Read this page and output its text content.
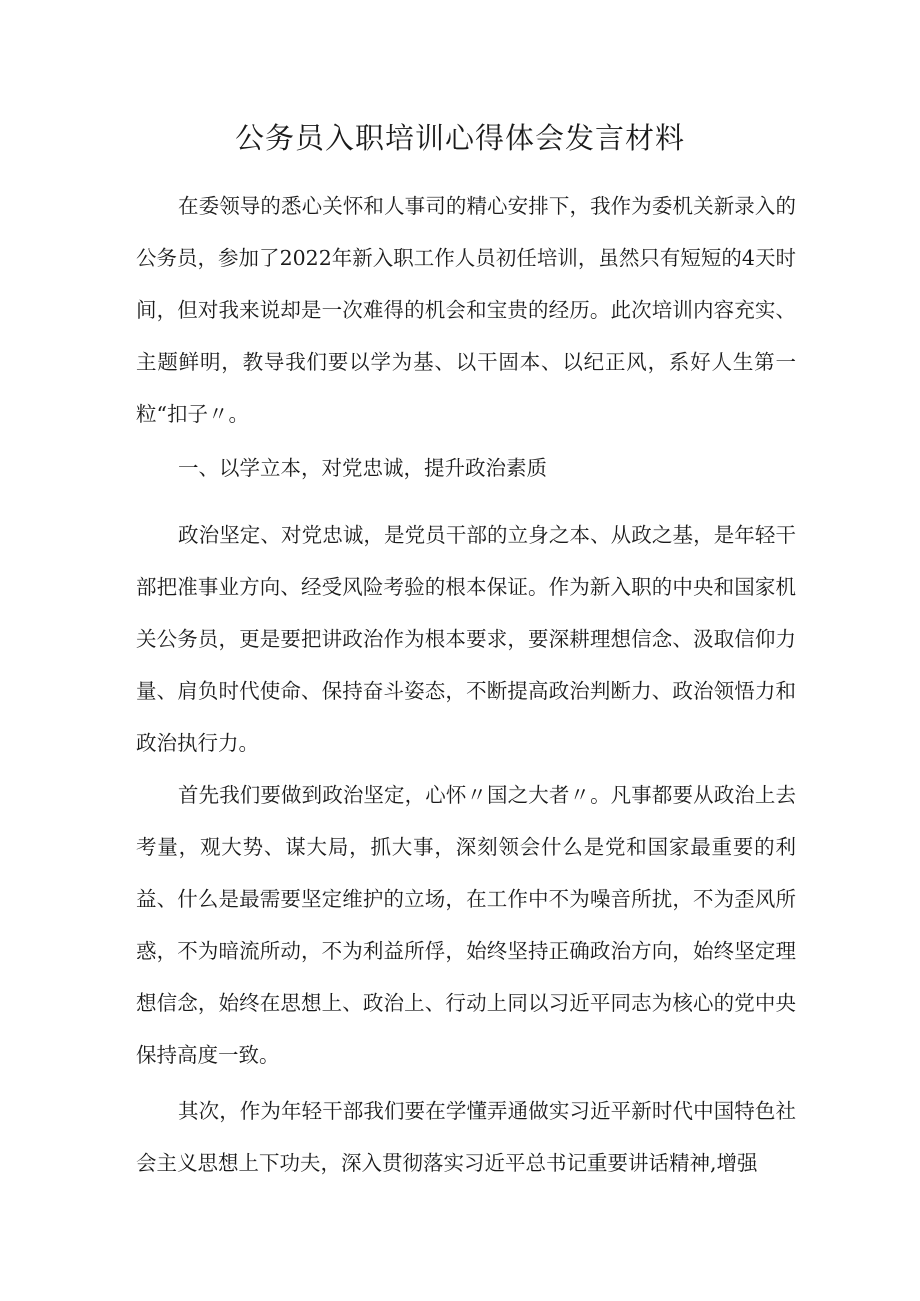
公务员入职培训心得体会发言材料

在委领导的悉心关怀和人事司的精心安排下，我作为委机关新录入的公务员，参加了2022年新入职工作人员初任培训，虽然只有短短的4天时间，但对我来说却是一次难得的机会和宝贵的经历。此次培训内容充实、主题鲜明，教导我们要以学为基、以干固本、以纪正风，系好人生第一粒“扣子〃。

一、以学立本，对党忠诚，提升政治素质

政治坚定、对党忠诚，是党员干部的立身之本、从政之基，是年轻干部把准事业方向、经受风险考验的根本保证。作为新入职的中央和国家机关公务员，更是要把讲政治作为根本要求，要深耕理想信念、汲取信仰力量、肩负时代使命、保持奋斗姿态，不断提高政治判断力、政治领悟力和政治执行力。

首先我们要做到政治坚定，心怀〃国之大者〃。凡事都要从政治上去考量，观大势、谋大局，抓大事，深刻领会什么是党和国家最重要的利益、什么是最需要坚定维护的立场，在工作中不为噪音所扰，不为歪风所惑，不为暗流所动，不为利益所俘，始终坚持正确政治方向，始终坚定理想信念，始终在思想上、政治上、行动上同以习近平同志为核心的党中央保持高度一致。

其次，作为年轻干部我们要在学懂弄通做实习近平新时代中国特色社会主义思想上下功夫，深入贯彻落实习近平总书记重要讲话精神,增强
